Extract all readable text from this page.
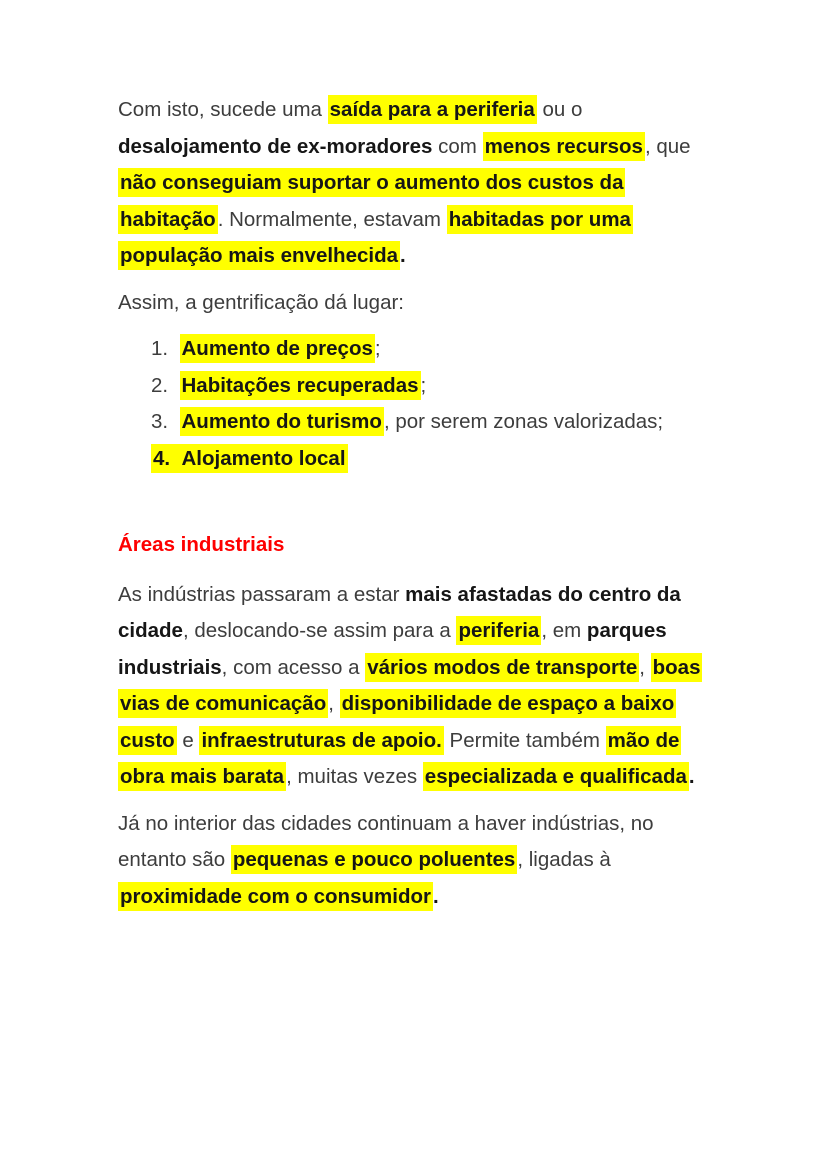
Com isto, sucede uma saída para a periferia ou o
desalojamento de ex-moradores com menos recursos, que
não conseguiam suportar o aumento dos custos da
habitação. Normalmente, estavam habitadas por uma
população mais envelhecida.
Assim, a gentrificação dá lugar:
1.  Aumento de preços;
2.  Habitações recuperadas;
3.  Aumento do turismo, por serem zonas valorizadas;
4.  Alojamento local
Áreas industriais
As indústrias passaram a estar mais afastadas do centro da
cidade, deslocando-se assim para a periferia, em parques
industriais, com acesso a vários modos de transporte, boas
vias de comunicação, disponibilidade de espaço a baixo
custo e infraestruturas de apoio. Permite também mão de
obra mais barata, muitas vezes especializada e qualificada.
Já no interior das cidades continuam a haver indústrias, no
entanto são pequenas e pouco poluentes, ligadas à
proximidade com o consumidor.
